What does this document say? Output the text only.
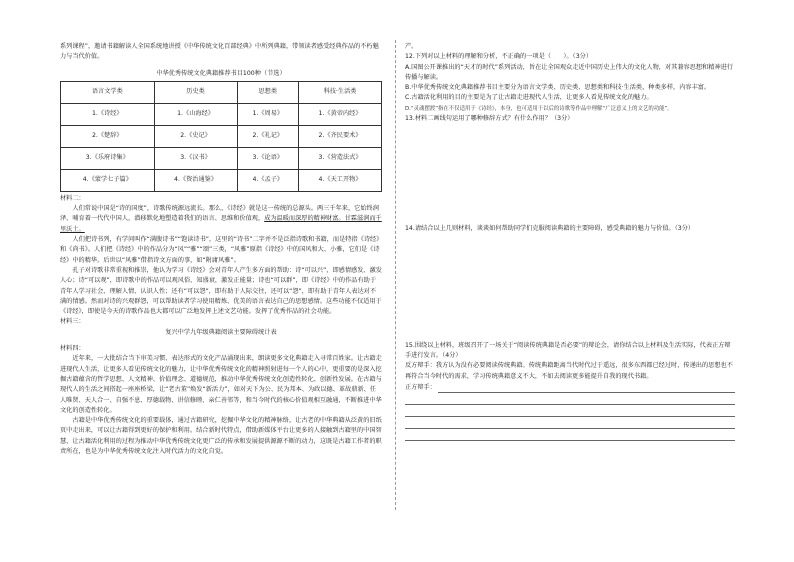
系列课程”，邀请书籍解读人全国系统地讲授《中华传统文化百部经典》中所列典籍，带领读者感受经典作品的不朽魅力与当代价值。

中华优秀传统文化典籍推荐书目100种（节选）

语言文学类	历史类	思想类	科技·生活类
1.《诗经》	1.《山海经》	1.《周易》	1.《黄帝内经》
2.《楚辞》	2.《史记》	2.《礼记》	2.《齐民要术》
3.《乐府诗集》	3.《汉书》	3.《论语》	3.《营造法式》
4.《蒙学七子篇》	4.《资治通鉴》	4.《孟子》	4.《天工开物》

材料二：

人们常说中国是“诗的国度”，诗歌传统源远流长。那么，《诗经》就是这一传统的总源头。两三千年来，它始终润泽、哺育着一代代中国人，潜移默化地塑造着我们的语言、思维和价值观，成为温暖而深厚的精神财富。甘霖滋润而千里沃土。

人们把诗书列，有学问叫作“满腹诗书”“饱读诗书”，这里的“诗书”二字并不是泛指诗歌和书籍，而是特指《诗经》和《尚书》。人们把《诗经》中的作品分为“风”“雅”“颂”三类，“风雅”原指《诗经》中的国风和大、小雅，它们是《诗经》中的精华。后世以“风雅”借指诗文方面的事，如“附庸风雅”。

孔子对诗歌非常重视和推崇，他认为学习《诗经》会对青年人产生多方面的帮助：诗“可以兴”，即感情感发、激发人心；诗“可以观”，即诗歌中的作品可以观风俗、知盛衰，激发正能量；诗也“可以群”，即《诗经》中的作品有助于青年人学习社会、理解人情、认识人性；还有“可以怨”，即有助于人际交往，还可以“怨”，即有助于青年人表达对不满的情感。然而对诗的兴观群怨，可以帮助读者学习使用精炼、优美的语言表达自己的思想感情。这些功能不仅适用于《诗经》，即使是今天的诗歌作品也大都可以广泛地发挥上述文艺功能。发挥了优秀作品的社会功能。

材料三：

复兴中学九年级典籍阅读主要障碍统计表

材料四：

近年来，一大批结合当下审美习惯、表达形式的文化产品涌现出来，朗读更多文化典籍走入寻常百姓家。让古籍走进现代人生活，让更多人看见传统文化的魅力，让中华优秀传统文化的精神照射进每一个人的心中，更重要的是深入挖掘古籍蕴含的哲学思想、人文精神、价值理念、道德规范，推动中华优秀传统文化创造性转化、创新性发展。在古籍与现代人的生活之间搭起一座座桥梁，让“老古董”焕发“新活力”，如对天下为公、民为邦本、为政以德、革故鼎新、任人唯贤、天人合一、自强不息、厚德载物、讲信修睦、亲仁善邻等，和当今时代的核心价值观相互融通，不断推进中华文化的创造性转化。

古籍是中华优秀传统文化的重要载体，通过古籍研究，挖掘中华文化的精神脉络，让古老的中华典籍从泛黄的旧纸页中走出来，可以让古籍得到更好的保护和利用。结合新时代特点，借助新媒体平台让更多的人接触到古籍里的中国智慧，让古籍活化利用的过程为推动中华优秀传统文化更广泛的传承和发展提供源源不断的动力，这既是古籍工作者的职责所在，也是为中华优秀传统文化注入时代活力的文化自觉。

产。

12.下列对以上材料的理解和分析，不正确的一项是（　　）。（3分）

A.国图公开课推出的“天才的时代”系列活动，旨在让全国观众走近中国历史上伟大的文化人物，对其兼容思想和精神进行传播与解读。

B.中华优秀传统文化典籍推荐书目主要分为语言文学类、历史类、思想类和科技·生活类，种类多样，内容丰富。

C.古籍活化利用的目的主要是为了让古籍走进现代人生活，让更多人看见传统文化的魅力。

D.“灵魂摆渡”指在不仅适用于《诗经》，本身，也可适用于以后的诗歌等作品中理解“广泛意义上的文艺的功能”。

13.材料二画线句运用了哪种修辞方式？有什么作用？（3分）

14.请结合以上几则材料，谈谈如何帮助同学们克服阅读典籍的主要障碍，感受典籍的魅力与价值。（3分）

15.围绕以上材料，班级召开了一场关于“阅读传统典籍是否必要”的辩论会，请你结合以上材料及生活实际，代表正方辩手进行发言。（4分）

反方辩手：我方认为没有必要阅读传统典籍。传统典籍距离当代时代过于遥远，很多东西都已经过时，传递出的思想也不再符合当今时代的需求，学习传统典籍意义不大，不如去阅读更多能提升自我的现代书籍。

正方辩手：
